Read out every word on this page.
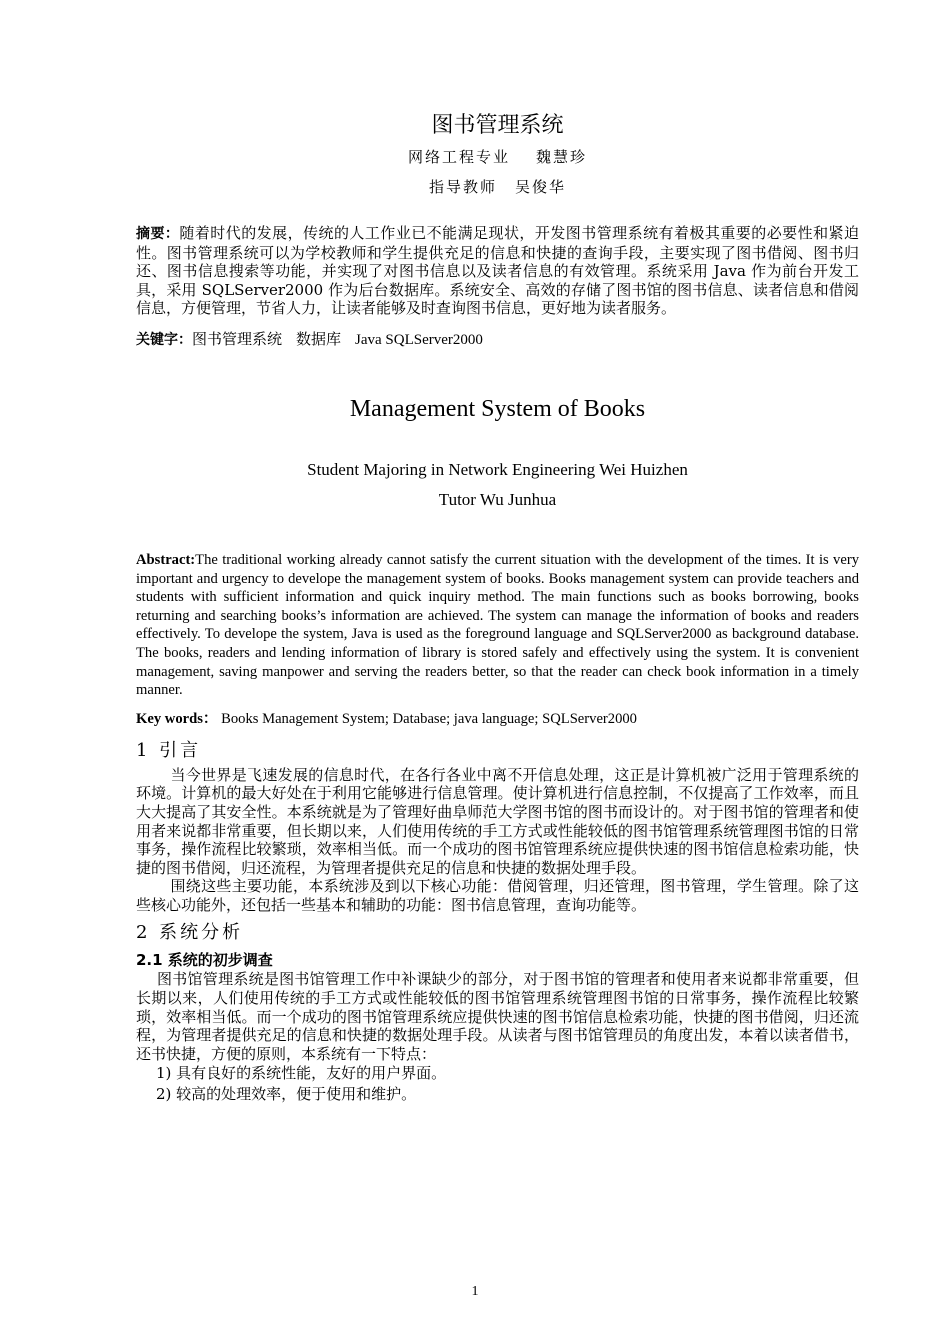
图书管理系统
网络工程专业 魏慧珍
指导教师 吴俊华

摘要：随着时代的发展，传统的人工作业已不能满足现状，开发图书管理系统有着极其重要的必要性和紧迫性。图书管理系统可以为学校教师和学生提供充足的信息和快捷的查询手段，主要实现了图书借阅、图书归还、图书信息搜索等功能，并实现了对图书信息以及读者信息的有效管理。系统采用 Java 作为前台开发工具，采用 SQLServer2000 作为后台数据库。系统安全、高效的存储了图书馆的图书信息、读者信息和借阅信息，方便管理，节省人力，让读者能够及时查询图书信息，更好地为读者服务。

关键字：图书管理系统 数据库 Java SQLServer2000
Management System of Books
Student Majoring in Network Engineering Wei Huizhen
Tutor Wu Junhua

Abstract:The traditional working already cannot satisfy the current situation with the development of the times. It is very important and urgency to develope the management system of books. Books management system can provide teachers and students with sufficient information and quick inquiry method. The main functions such as books borrowing, books returning and searching books’s information are achieved. The system can manage the information of books and readers effectively. To develope the system, Java is used as the foreground language and SQLServer2000 as background database. The books, readers and lending information of library is stored safely and effectively using the system. It is convenient management, saving manpower and serving the readers better, so that the reader can check book information in a timely manner.

Key words： Books Management System; Database; java language; SQLServer2000
1 引言

当今世界是飞速发展的信息时代，在各行各业中离不开信息处理，这正是计算机被广泛用于管理系统的环境。计算机的最大好处在于利用它能够进行信息管理。使计算机进行信息控制，不仅提高了工作效率，而且大大提高了其安全性。本系统就是为了管理好曲阜师范大学图书馆的图书而设计的。对于图书馆的管理者和使用者来说都非常重要，但长期以来，人们使用传统的手工方式或性能较低的图书馆管理系统管理图书馆的日常事务，操作流程比较繁琐，效率相当低。而一个成功的图书馆管理系统应提供快速的图书馆信息检索功能，快捷的图书借阅，归还流程，为管理者提供充足的信息和快捷的数据处理手段。

围绕这些主要功能，本系统涉及到以下核心功能：借阅管理，归还管理，图书管理，学生管理。除了这些核心功能外，还包括一些基本和辅助的功能：图书信息管理，查询功能等。

2 系统分析
2.1 系统的初步调查

图书馆管理系统是图书馆管理工作中补课缺少的部分，对于图书馆的管理者和使用者来说都非常重要，但长期以来，人们使用传统的手工方式或性能较低的图书馆管理系统管理图书馆的日常事务，操作流程比较繁琐，效率相当低。而一个成功的图书馆管理系统应提供快速的图书馆信息检索功能，快捷的图书借阅，归还流程，为管理者提供充足的信息和快捷的数据处理手段。从读者与图书馆管理员的角度出发，本着以读者借书，还书快捷，方便的原则，本系统有一下特点：

1) 具有良好的系统性能，友好的用户界面。
2) 较高的处理效率，便于使用和维护。
1
